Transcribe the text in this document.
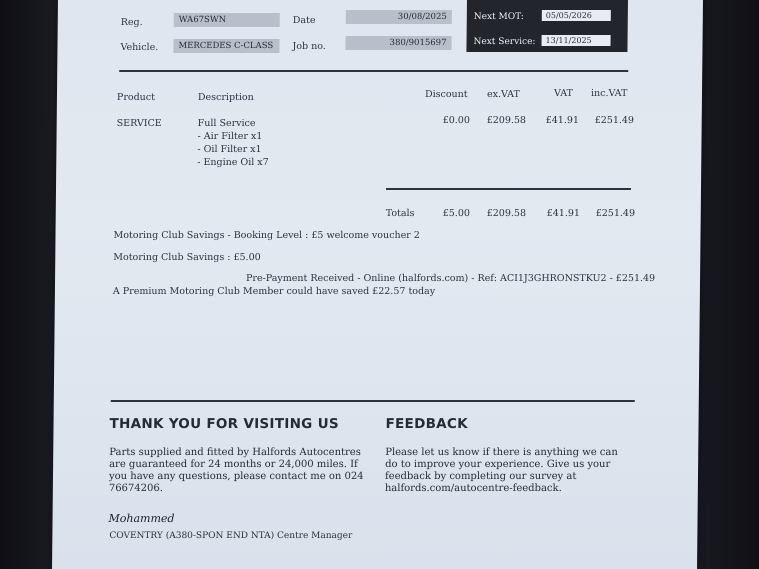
Reg.	WA67SWN
Vehicle.	MERCEDES C-CLASS
Date	30/08/2025
Job no.	380/9015697
Next MOT:	05/05/2026
Next Service:	13/11/2025
Product	Description	Discount ex.VAT	VAT inc.VAT
SERVICE	Full Service
- Air Filter x1
- Oil Filter x1
- Engine Oil x7
£0.00 £209.58 £41.91 £251.49
Totals	£5.00 £209.58 £41.91 £251.49
Motoring Club Savings - Booking Level : £5 welcome voucher 2
Motoring Club Savings : £5.00
Pre-Payment Received - Online (halfords.com) - Ref: ACI1J3GHRONSTKU2 - £251.49
A Premium Motoring Club Member could have saved £22.57 today
THANK YOU FOR VISITING US
Parts supplied and fitted by Halfords Autocentres are guaranteed for 24 months or 24,000 miles. If you have any questions, please contact me on 024 76674206.
FEEDBACK
Please let us know if there is anything we can do to improve your experience. Give us your feedback by completing our survey at halfords.com/autocentre-feedback.
Mohammed
COVENTRY (A380-SPON END NTA) Centre Manager
